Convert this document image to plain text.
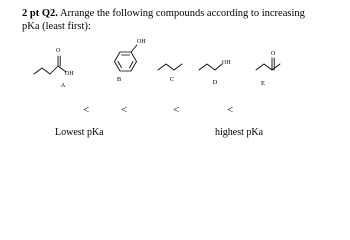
2 pt Q2. Arrange the following compounds according to increasing pKa (least first):
O
OH
OH
OH
O
A
B	C	D	E
<	<	<	<
Lowest pKa	highest pKa
